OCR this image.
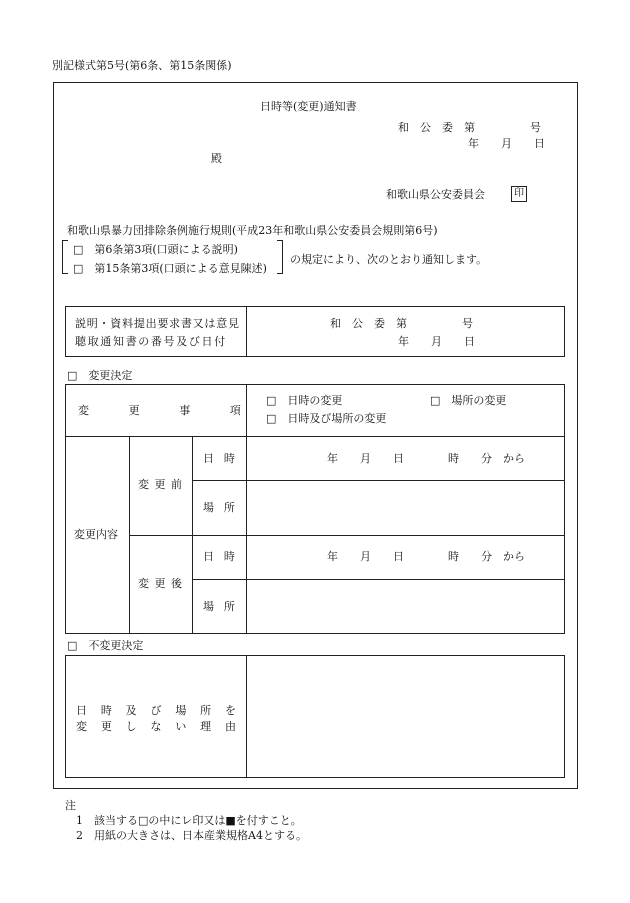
別記様式第5号(第6条、第15条関係)
日時等(変更)通知書
和　公　委　第　　　　　号
年　　月　　日
殿
和歌山県公安委員会	印
和歌山県暴力団排除条例施行規則(平成23年和歌山県公安委員会規則第6号)
□　第6条第3項(口頭による説明)
□　第15条第3項(口頭による意見陳述)
の規定により、次のとおり通知します。
説 明 ・ 資 料 提 出 要 求 書 又 は 意 見
聴取通知書の番号及び日付
和　公　委　第　　　　　号
年　　月　　日
□　変更決定
変更事項
□　日時の変更	□　場所の変更
□　日時及び場所の変更
変更内容
変更前
変更後
日時
場所
日時
場所
年　　月　　日　　　　時　　分　から
年　　月　　日　　　　時　　分　から
□　不変更決定
日 時 及 び 場 所 を
変 更 し な い 理 由
注
1　該当する□の中にレ印又は■を付すこと。
2　用紙の大きさは、日本産業規格A4とする。
